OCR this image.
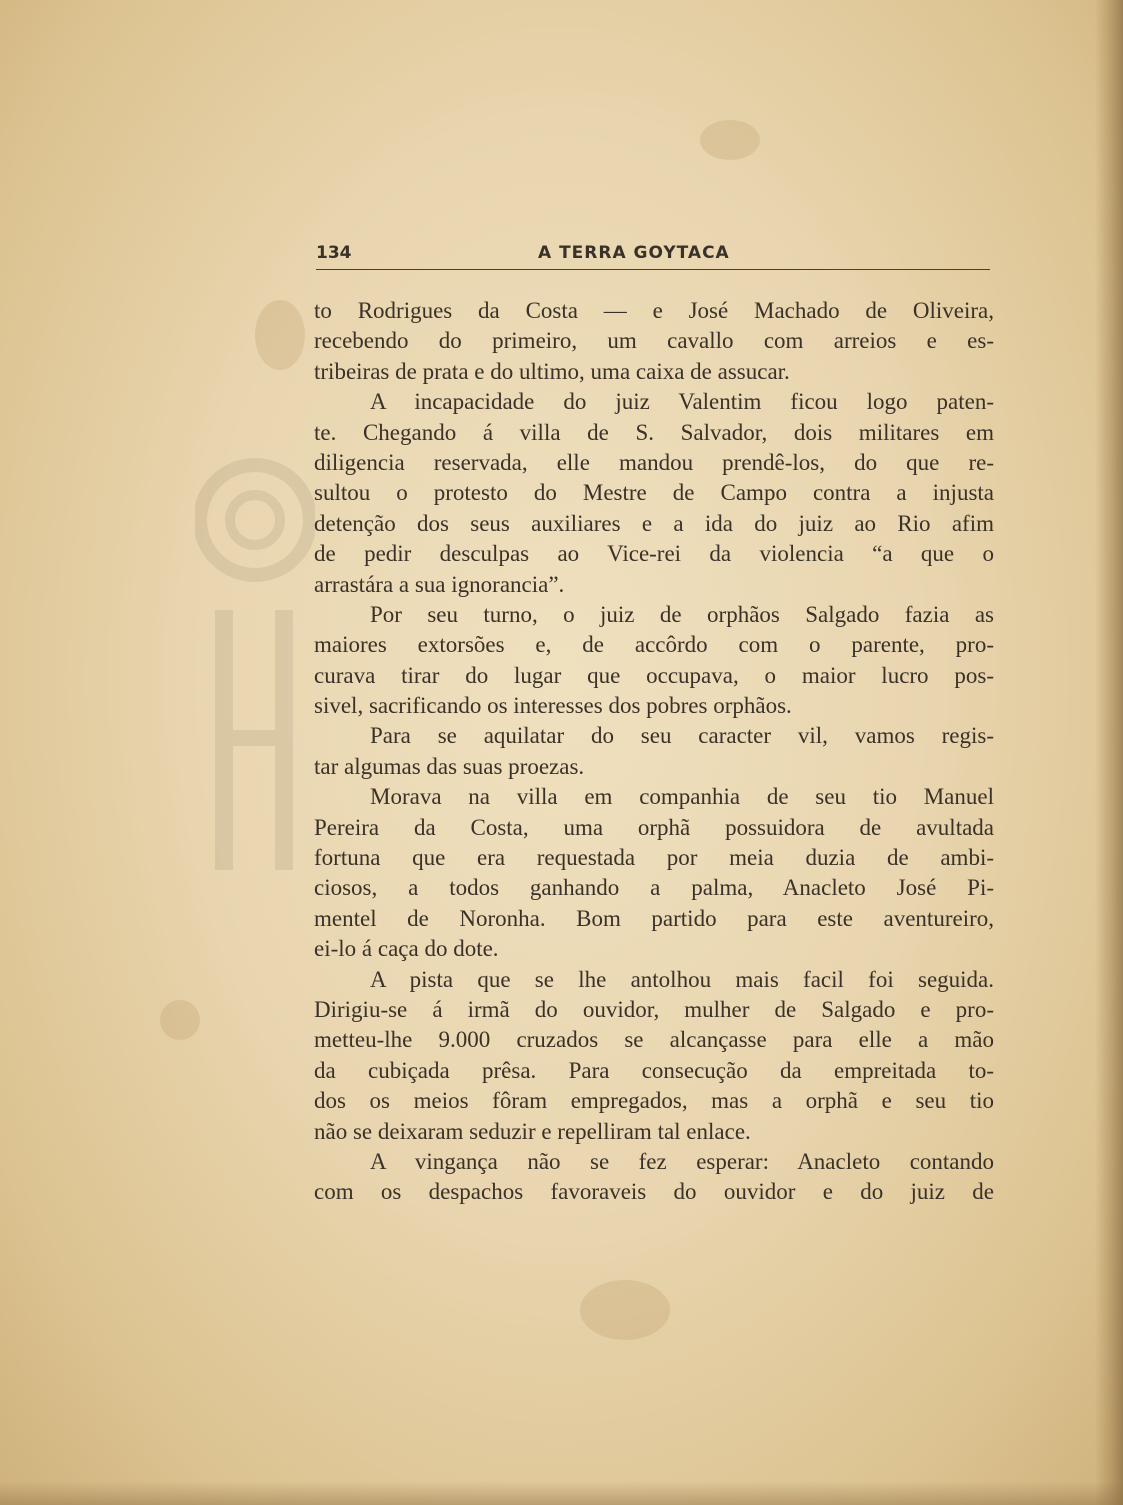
134	A TERRA GOYTACA
to Rodrigues da Costa — e José Machado de Oliveira,
recebendo do primeiro, um cavallo com arreios e es-
tribeiras de prata e do ultimo, uma caixa de assucar.
A incapacidade do juiz Valentim ficou logo paten-
te. Chegando á villa de S. Salvador, dois militares em
diligencia reservada, elle mandou prendê-los, do que re-
sultou o protesto do Mestre de Campo contra a injusta
detenção dos seus auxiliares e a ida do juiz ao Rio afim
de pedir desculpas ao Vice-rei da violencia “a que o
arrastára a sua ignorancia”.
Por seu turno, o juiz de orphãos Salgado fazia as
maiores extorsões e, de accôrdo com o parente, pro-
curava tirar do lugar que occupava, o maior lucro pos-
sivel, sacrificando os interesses dos pobres orphãos.
Para se aquilatar do seu caracter vil, vamos regis-
tar algumas das suas proezas.
Morava na villa em companhia de seu tio Manuel
Pereira da Costa, uma orphã possuidora de avultada
fortuna que era requestada por meia duzia de ambi-
ciosos, a todos ganhando a palma, Anacleto José Pi-
mentel de Noronha. Bom partido para este aventureiro,
ei-lo á caça do dote.
A pista que se lhe antolhou mais facil foi seguida.
Dirigiu-se á irmã do ouvidor, mulher de Salgado e pro-
metteu-lhe 9.000 cruzados se alcançasse para elle a mão
da cubiçada prêsa. Para consecução da empreitada to-
dos os meios fôram empregados, mas a orphã e seu tio
não se deixaram seduzir e repelliram tal enlace.
A vingança não se fez esperar: Anacleto contando
com os despachos favoraveis do ouvidor e do juiz de
